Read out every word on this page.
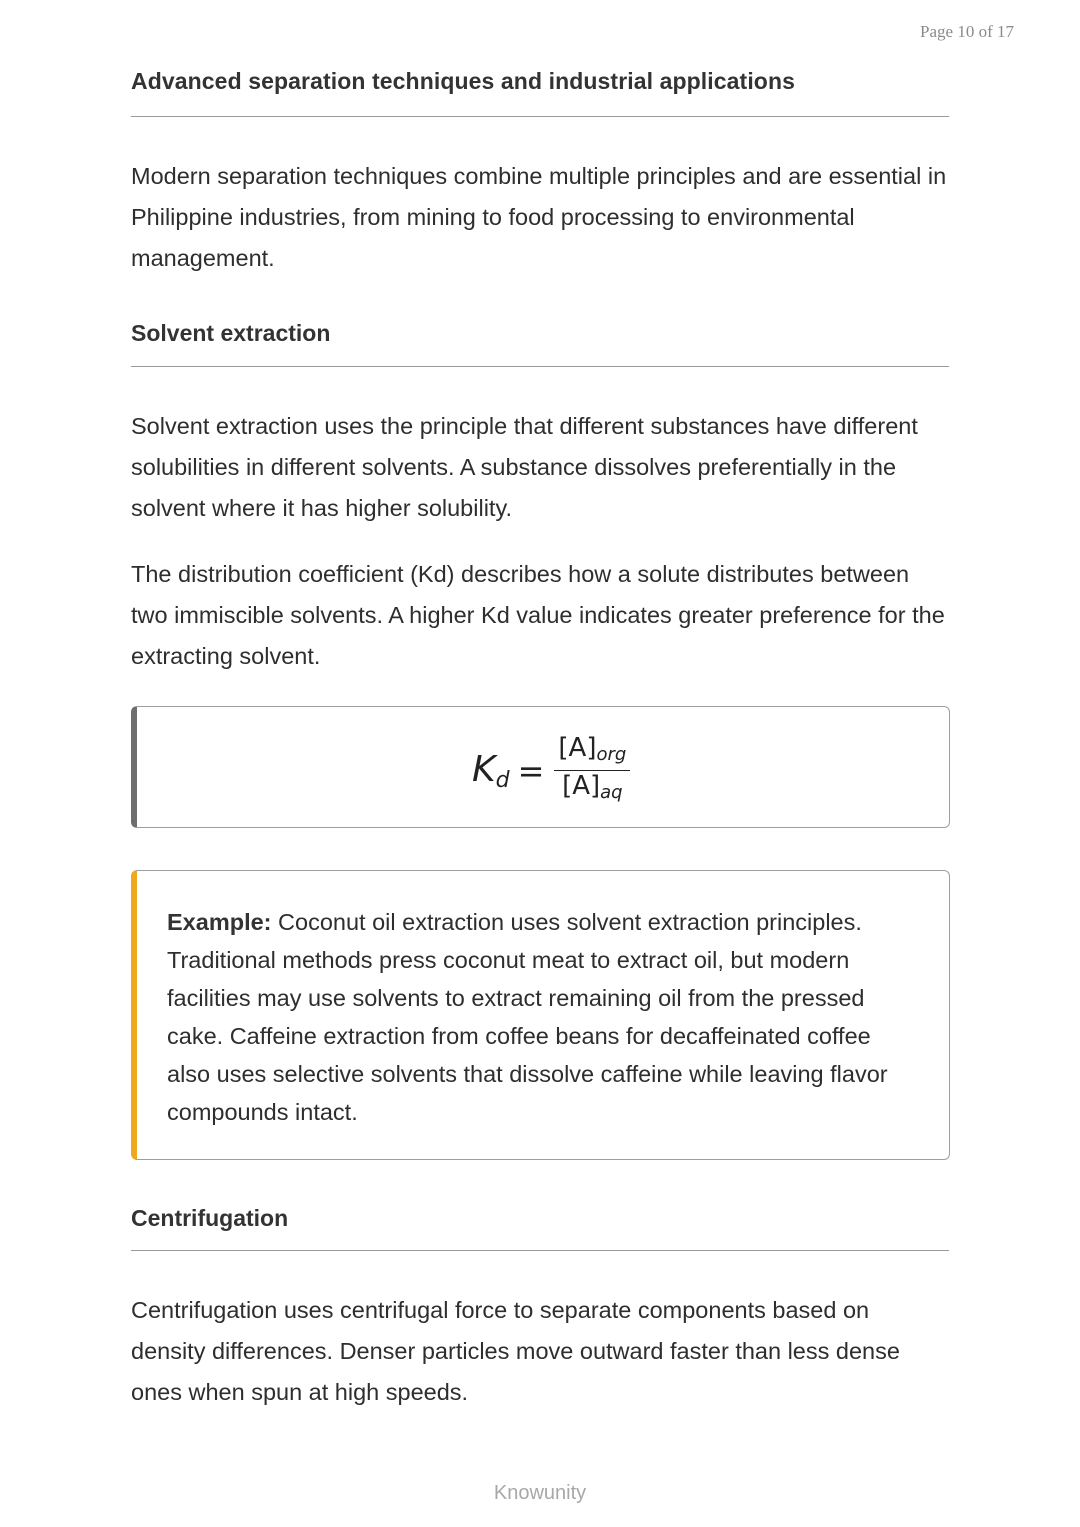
Page 10 of 17
Advanced separation techniques and industrial applications

Modern separation techniques combine multiple principles and are essential in Philippine industries, from mining to food processing to environmental management.

Solvent extraction

Solvent extraction uses the principle that different substances have different solubilities in different solvents. A substance dissolves preferentially in the solvent where it has higher solubility.

The distribution coefficient (Kd) describes how a solute distributes between two immiscible solvents. A higher Kd value indicates greater preference for the extracting solvent.

$K_d = \frac{[A]_{org}}{[A]_{aq}}$

Example: Coconut oil extraction uses solvent extraction principles. Traditional methods press coconut meat to extract oil, but modern facilities may use solvents to extract remaining oil from the pressed cake. Caffeine extraction from coffee beans for decaffeinated coffee also uses selective solvents that dissolve caffeine while leaving flavor compounds intact.

Centrifugation

Centrifugation uses centrifugal force to separate components based on density differences. Denser particles move outward faster than less dense ones when spun at high speeds.

Knowunity
